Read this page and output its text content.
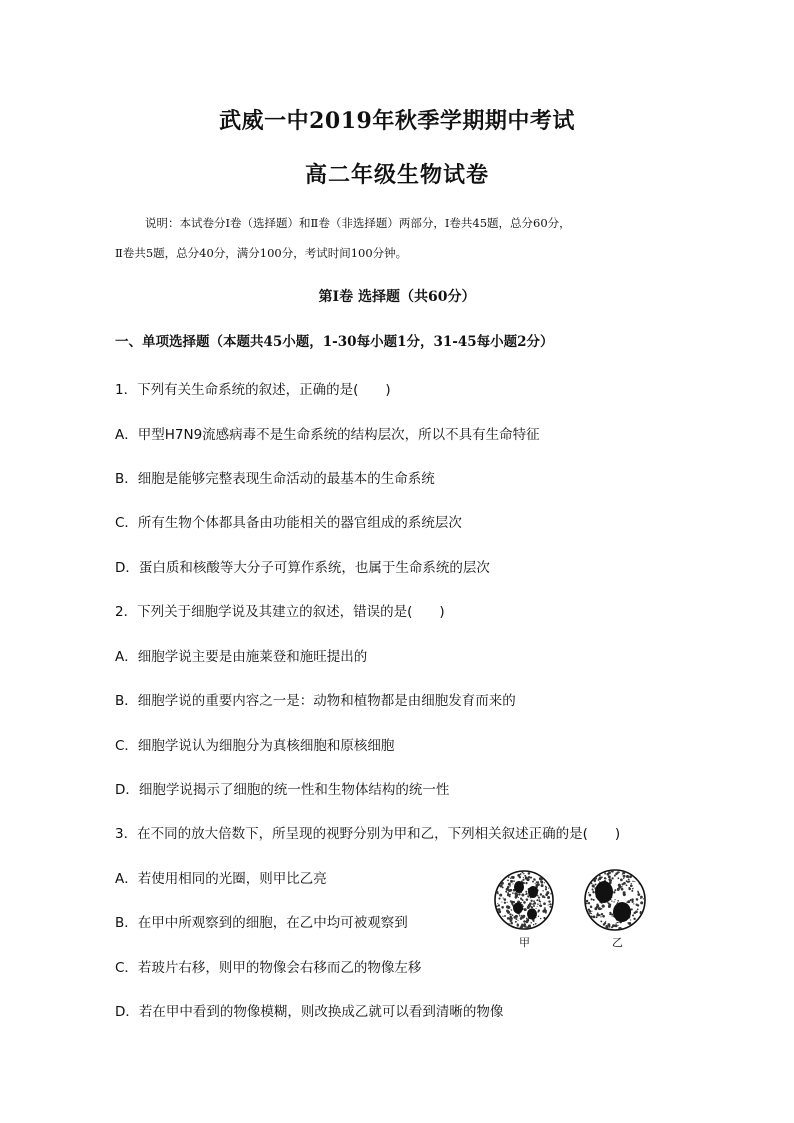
武威一中2019年秋季学期期中考试
高二年级生物试卷
说明：本试卷分Ⅰ卷（选择题）和Ⅱ卷（非选择题）两部分，Ⅰ卷共45题，总分60分，
Ⅱ卷共5题，总分40分，满分100分，考试时间100分钟。
第Ⅰ卷 选择题（共60分）
一、单项选择题（本题共45小题，1-30每小题1分，31-45每小题2分）
1．下列有关生命系统的叙述，正确的是(　　)
A．甲型H7N9流感病毒不是生命系统的结构层次，所以不具有生命特征
B．细胞是能够完整表现生命活动的最基本的生命系统
C．所有生物个体都具备由功能相关的器官组成的系统层次
D．蛋白质和核酸等大分子可算作系统，也属于生命系统的层次
2．下列关于细胞学说及其建立的叙述，错误的是(　　)
A．细胞学说主要是由施莱登和施旺提出的
B．细胞学说的重要内容之一是：动物和植物都是由细胞发育而来的
C．细胞学说认为细胞分为真核细胞和原核细胞
D．细胞学说揭示了细胞的统一性和生物体结构的统一性
3．在不同的放大倍数下，所呈现的视野分别为甲和乙，下列相关叙述正确的是(　　)
A．若使用相同的光圈，则甲比乙亮
B．在甲中所观察到的细胞，在乙中均可被观察到
C．若玻片右移，则甲的物像会右移而乙的物像左移
D．若在甲中看到的物像模糊，则改换成乙就可以看到清晰的物像
甲	乙
